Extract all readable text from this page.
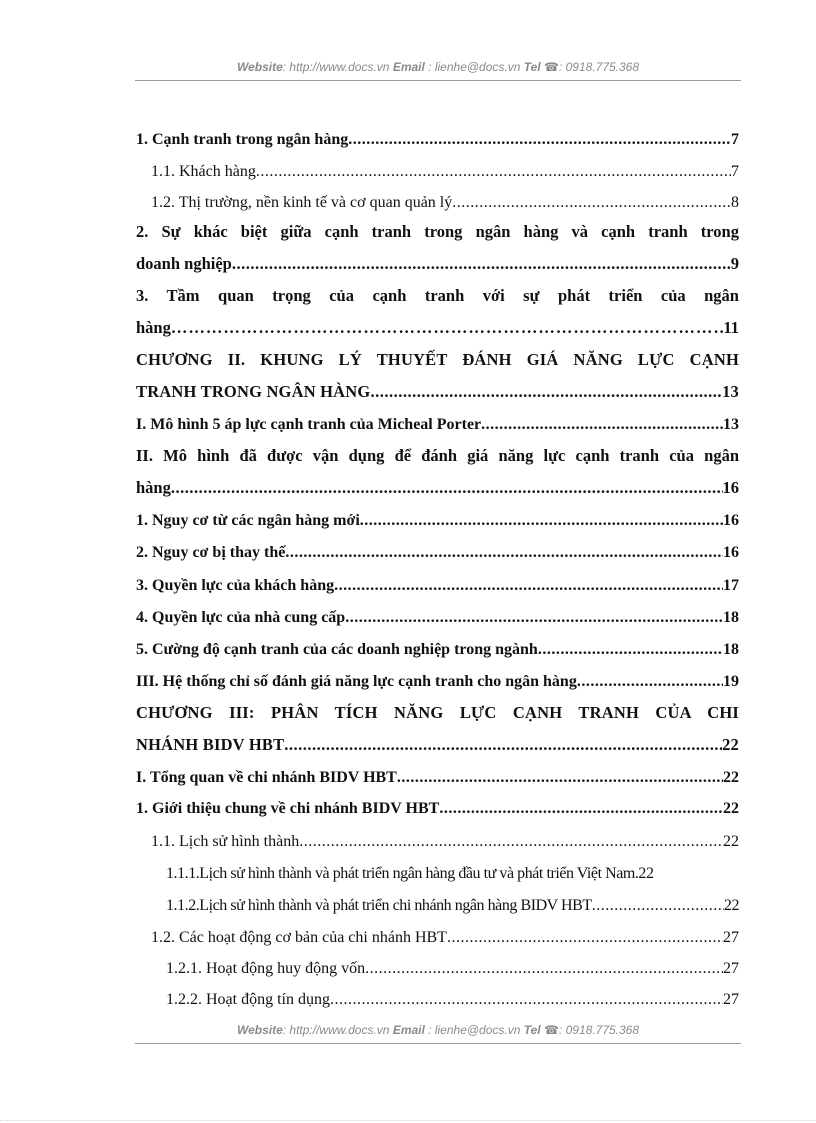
Website: http://www.docs.vn Email : lienhe@docs.vn Tel ☎: 0918.775.368
1. Cạnh tranh trong ngân hàng .....	7
1.1. Khách hàng .....	7
1.2. Thị trường, nền kinh tế và cơ quan quản lý .....	8
2. Sự khác biệt giữa cạnh tranh trong ngân hàng và cạnh tranh trong
doanh nghiệp .....	9
3. Tầm quan trọng của cạnh tranh với sự phát triển của ngân
hàng ………………………………………………………………………………………………………………………………………………	11
CHƯƠNG II. KHUNG LÝ THUYẾT ĐÁNH GIÁ NĂNG LỰC CẠNH
TRANH TRONG NGÂN HÀNG .....	13
I. Mô hình 5 áp lực cạnh tranh của Micheal Porter .....	13
II. Mô hình đã được vận dụng để đánh giá năng lực cạnh tranh của ngân
hàng .....	16
1. Nguy cơ từ các ngân hàng mới .....	16
2. Nguy cơ bị thay thế .....	16
3. Quyền lực của khách hàng .....	17
4. Quyền lực của nhà cung cấp .....	18
5. Cường độ cạnh tranh của các doanh nghiệp trong ngành .....	18
III. Hệ thống chỉ số đánh giá năng lực cạnh tranh cho ngân hàng .....	19
CHƯƠNG III: PHÂN TÍCH NĂNG LỰC CẠNH TRANH CỦA CHI
NHÁNH BIDV HBT .....	22
I. Tổng quan về chi nhánh BIDV HBT .....	22
1. Giới thiệu chung về chi nhánh BIDV HBT .....	22
1.1. Lịch sử hình thành .....	22
1.1.1.Lịch sử hình thành và phát triển ngân hàng đầu tư và phát triển Việt Nam. 22
1.1.2.Lịch sử hình thành và phát triển chi nhánh ngân hàng BIDV HBT .....	22
1.2. Các hoạt động cơ bản của chi nhánh HBT .....	27
1.2.1. Hoạt động huy động vốn .....	27
1.2.2. Hoạt động tín dụng .....	27
Website: http://www.docs.vn Email : lienhe@docs.vn Tel ☎: 0918.775.368
